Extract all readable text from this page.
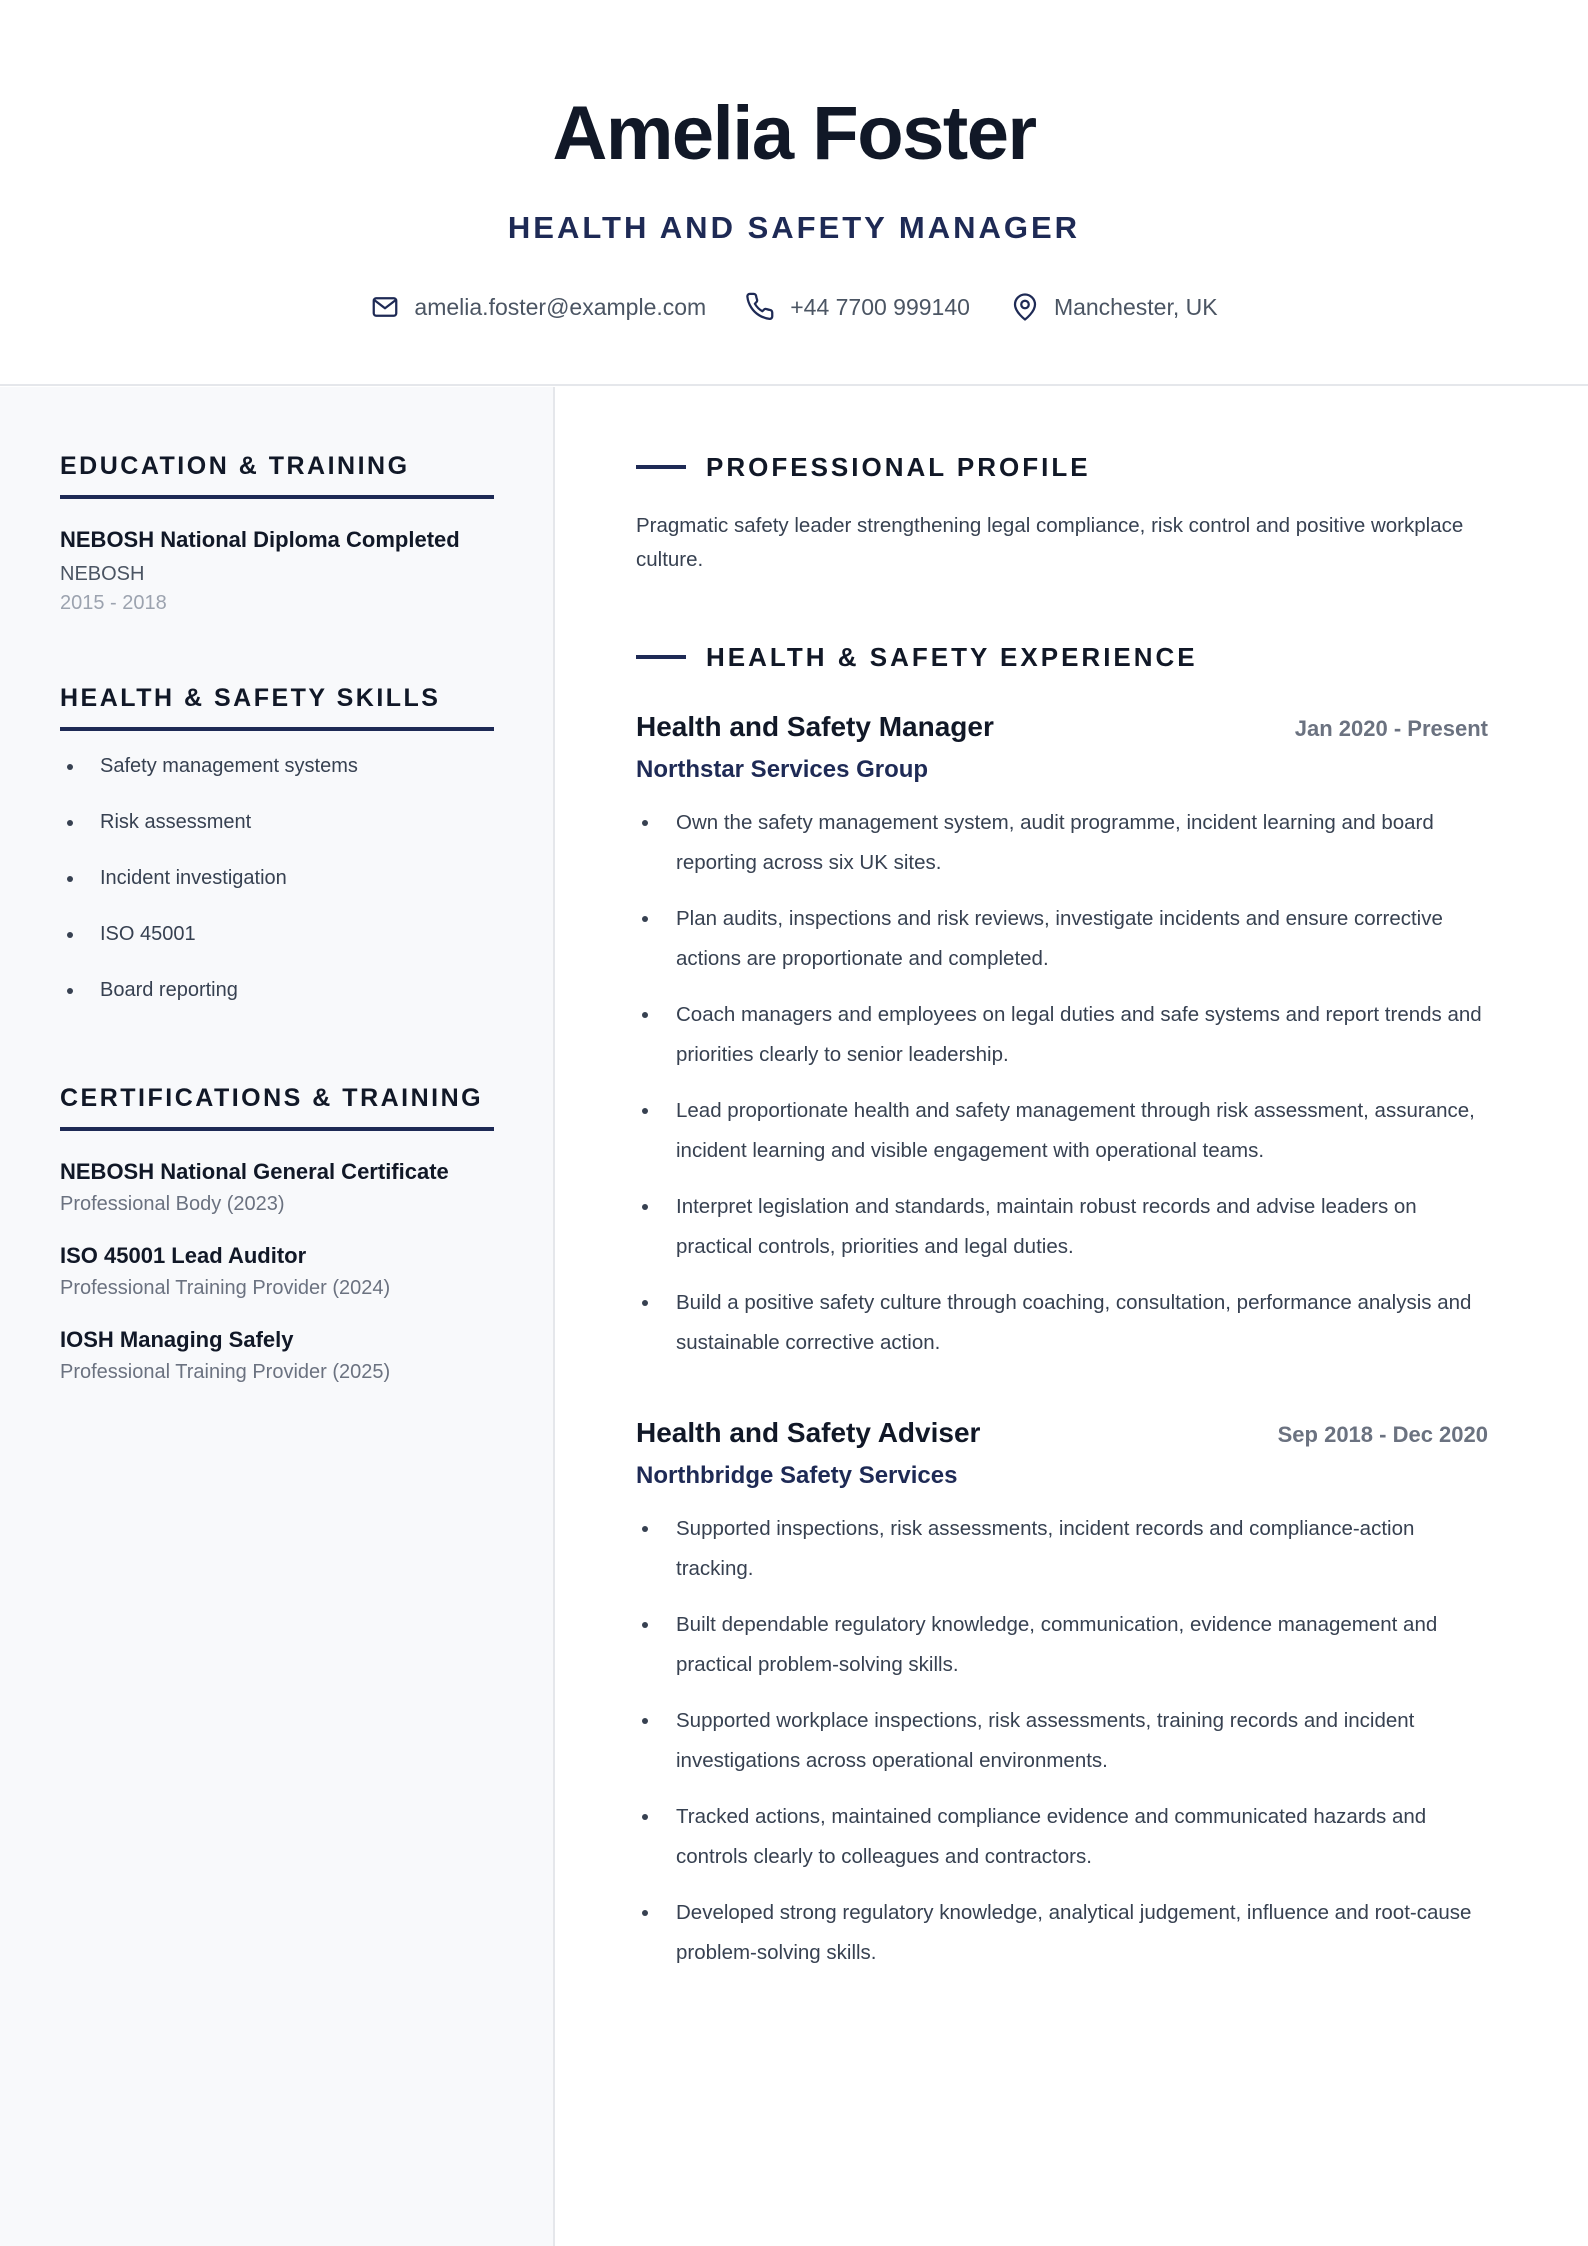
Amelia Foster
HEALTH AND SAFETY MANAGER
amelia.foster@example.com	+44 7700 999140	Manchester, UK
EDUCATION & TRAINING
NEBOSH National Diploma Completed
NEBOSH
2015 - 2018
HEALTH & SAFETY SKILLS
Safety management systems
Risk assessment
Incident investigation
ISO 45001
Board reporting
CERTIFICATIONS & TRAINING
NEBOSH National General Certificate
Professional Body (2023)
ISO 45001 Lead Auditor
Professional Training Provider (2024)
IOSH Managing Safely
Professional Training Provider (2025)
PROFESSIONAL PROFILE
Pragmatic safety leader strengthening legal compliance, risk control and positive workplace culture.
HEALTH & SAFETY EXPERIENCE
Health and Safety Manager	Jan 2020 - Present
Northstar Services Group
Own the safety management system, audit programme, incident learning and board reporting across six UK sites.
Plan audits, inspections and risk reviews, investigate incidents and ensure corrective actions are proportionate and completed.
Coach managers and employees on legal duties and safe systems and report trends and priorities clearly to senior leadership.
Lead proportionate health and safety management through risk assessment, assurance, incident learning and visible engagement with operational teams.
Interpret legislation and standards, maintain robust records and advise leaders on practical controls, priorities and legal duties.
Build a positive safety culture through coaching, consultation, performance analysis and sustainable corrective action.
Health and Safety Adviser	Sep 2018 - Dec 2020
Northbridge Safety Services
Supported inspections, risk assessments, incident records and compliance-action tracking.
Built dependable regulatory knowledge, communication, evidence management and practical problem-solving skills.
Supported workplace inspections, risk assessments, training records and incident investigations across operational environments.
Tracked actions, maintained compliance evidence and communicated hazards and controls clearly to colleagues and contractors.
Developed strong regulatory knowledge, analytical judgement, influence and root-cause problem-solving skills.
